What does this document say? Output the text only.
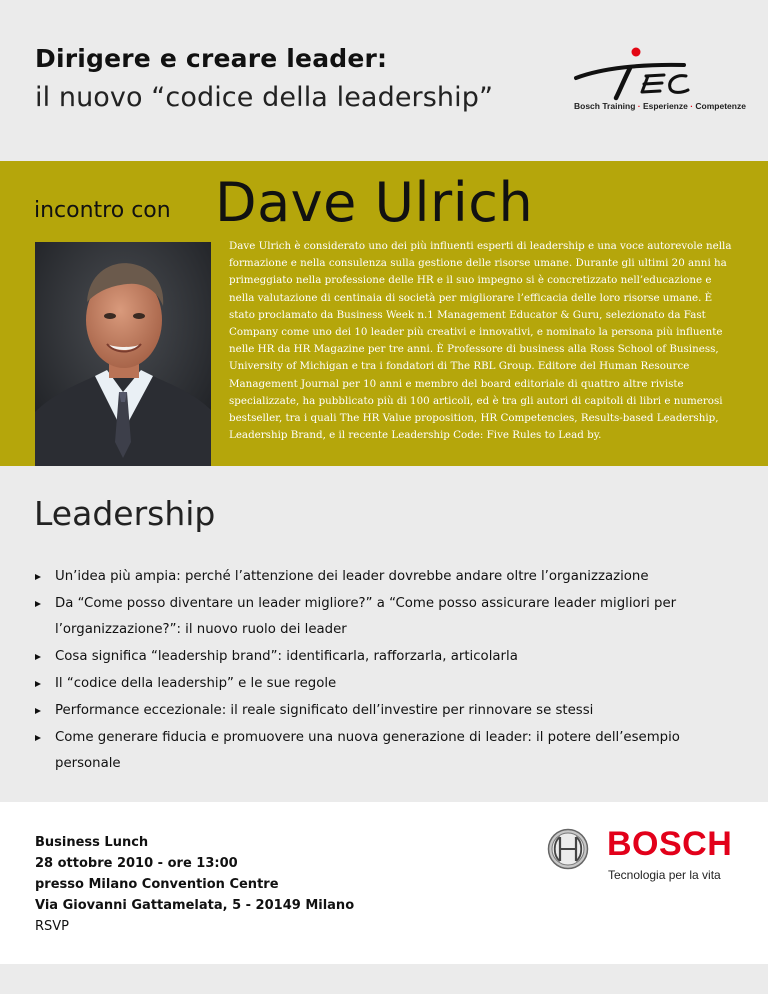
Dirigere e creare leader:
il nuovo “codice della leadership”	Bosch Training · Esperienze · Competenze
incontro con Dave Ulrich
Dave Ulrich è considerato uno dei più influenti esperti di leadership e una voce autorevole nella formazione e nella consulenza sulla gestione delle risorse umane. Durante gli ultimi 20 anni ha primeggiato nella professione delle HR e il suo impegno si è concretizzato nell’educazione e nella valutazione di centinaia di società per migliorare l’efficacia delle loro risorse umane. È stato proclamato da Business Week n.1 Management Educator & Guru, selezionato da Fast Company come uno dei 10 leader più creativi e innovativi, e nominato la persona più influente nelle HR da HR Magazine per tre anni. È Professore di business alla Ross School of Business, University of Michigan e tra i fondatori di The RBL Group. Editore del Human Resource Management Journal per 10 anni e membro del board editoriale di quattro altre riviste specializzate, ha pubblicato più di 100 articoli, ed è tra gli autori di capitoli di libri e numerosi bestseller, tra i quali The HR Value proposition, HR Competencies, Results-based Leadership, Leadership Brand, e il recente Leadership Code: Five Rules to Lead by.
Leadership
Un’idea più ampia: perché l’attenzione dei leader dovrebbe andare oltre l’organizzazione
Da “Come posso diventare un leader migliore?” a “Come posso assicurare leader migliori per l’organizzazione?”: il nuovo ruolo dei leader
Cosa significa “leadership brand”: identificarla, rafforzarla, articolarla
Il “codice della leadership” e le sue regole
Performance eccezionale: il reale significato dell’investire per rinnovare se stessi
Come generare fiducia e promuovere una nuova generazione di leader: il potere dell’esempio personale
Business Lunch
28 ottobre 2010 - ore 13:00
presso Milano Convention Centre
Via Giovanni Gattamelata, 5 - 20149 Milano
RSVP
BOSCH
Tecnologia per la vita
